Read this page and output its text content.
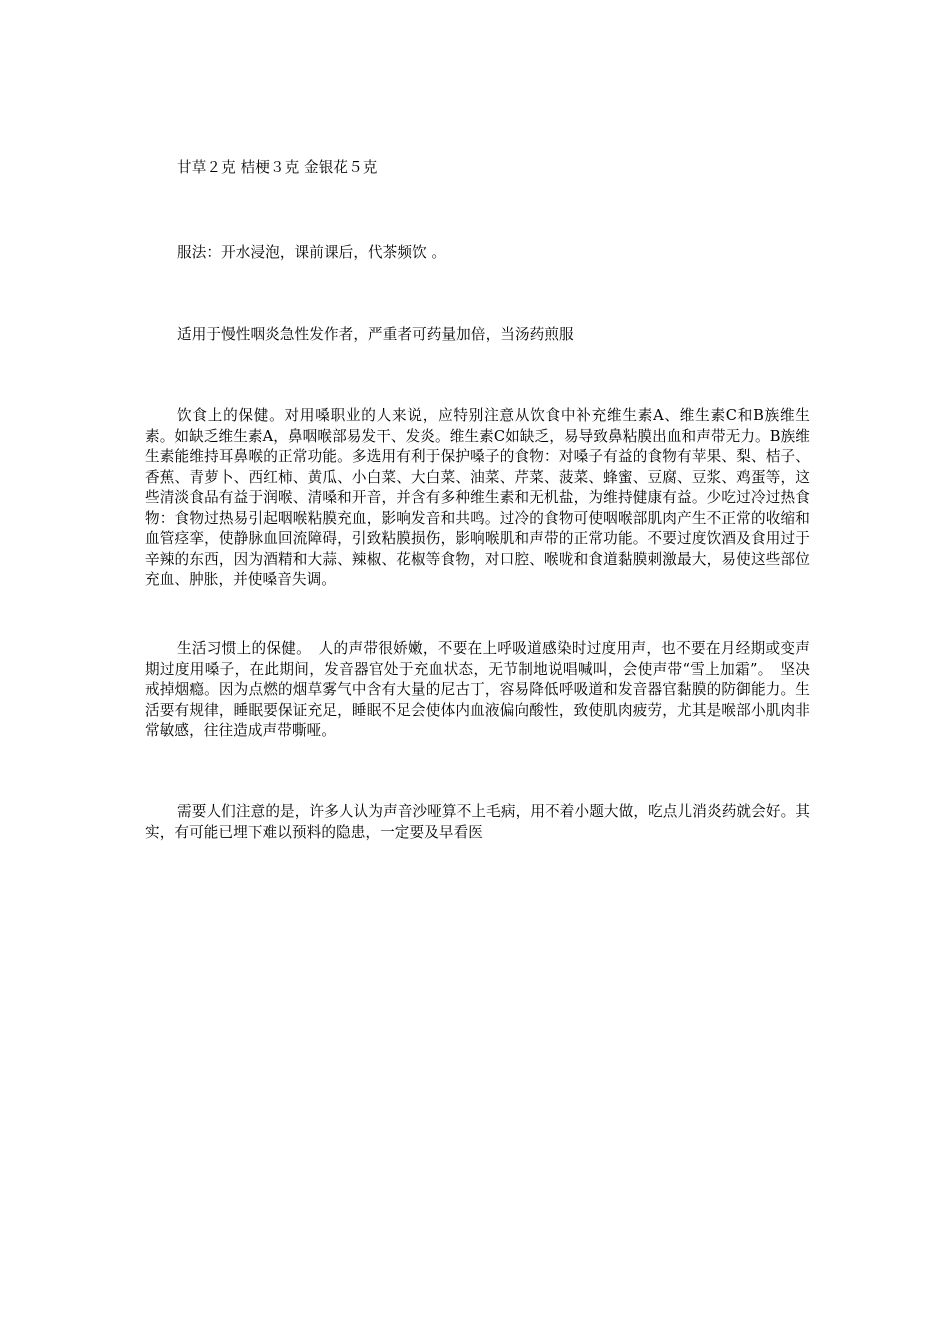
甘草２克 桔梗３克 金银花５克

服法：开水浸泡，课前课后，代茶频饮 。

适用于慢性咽炎急性发作者，严重者可药量加倍，当汤药煎服

饮食上的保健。对用嗓职业的人来说，应特别注意从饮食中补充维生素A、维生素C和B族维生素。如缺乏维生素A，鼻咽喉部易发干、发炎。维生素C如缺乏，易导致鼻粘膜出血和声带无力。B族维生素能维持耳鼻喉的正常功能。多选用有利于保护嗓子的食物：对嗓子有益的食物有苹果、梨、桔子、香蕉、青萝卜、西红柿、黄瓜、小白菜、大白菜、油菜、芹菜、菠菜、蜂蜜、豆腐、豆浆、鸡蛋等，这些清淡食品有益于润喉、清嗓和开音，并含有多种维生素和无机盐，为维持健康有益。少吃过冷过热食物：食物过热易引起咽喉粘膜充血，影响发音和共鸣。过冷的食物可使咽喉部肌肉产生不正常的收缩和血管痉挛，使静脉血回流障碍，引致粘膜损伤，影响喉肌和声带的正常功能。不要过度饮酒及食用过于辛辣的东西，因为酒精和大蒜、辣椒、花椒等食物，对口腔、喉咙和食道黏膜刺激最大，易使这些部位充血、肿胀，并使嗓音失调。

生活习惯上的保健。　人的声带很娇嫩，不要在上呼吸道感染时过度用声，也不要在月经期或变声期过度用嗓子，在此期间，发音器官处于充血状态，无节制地说唱喊叫，会使声带“雪上加霜”。　坚决戒掉烟瘾。因为点燃的烟草雾气中含有大量的尼古丁，容易降低呼吸道和发音器官黏膜的防御能力。生活要有规律，睡眠要保证充足，睡眠不足会使体内血液偏向酸性，致使肌肉疲劳，尤其是喉部小肌肉非常敏感，往往造成声带嘶哑。

需要人们注意的是，许多人认为声音沙哑算不上毛病，用不着小题大做，吃点儿消炎药就会好。其实，有可能已埋下难以预料的隐患，一定要及早看医
